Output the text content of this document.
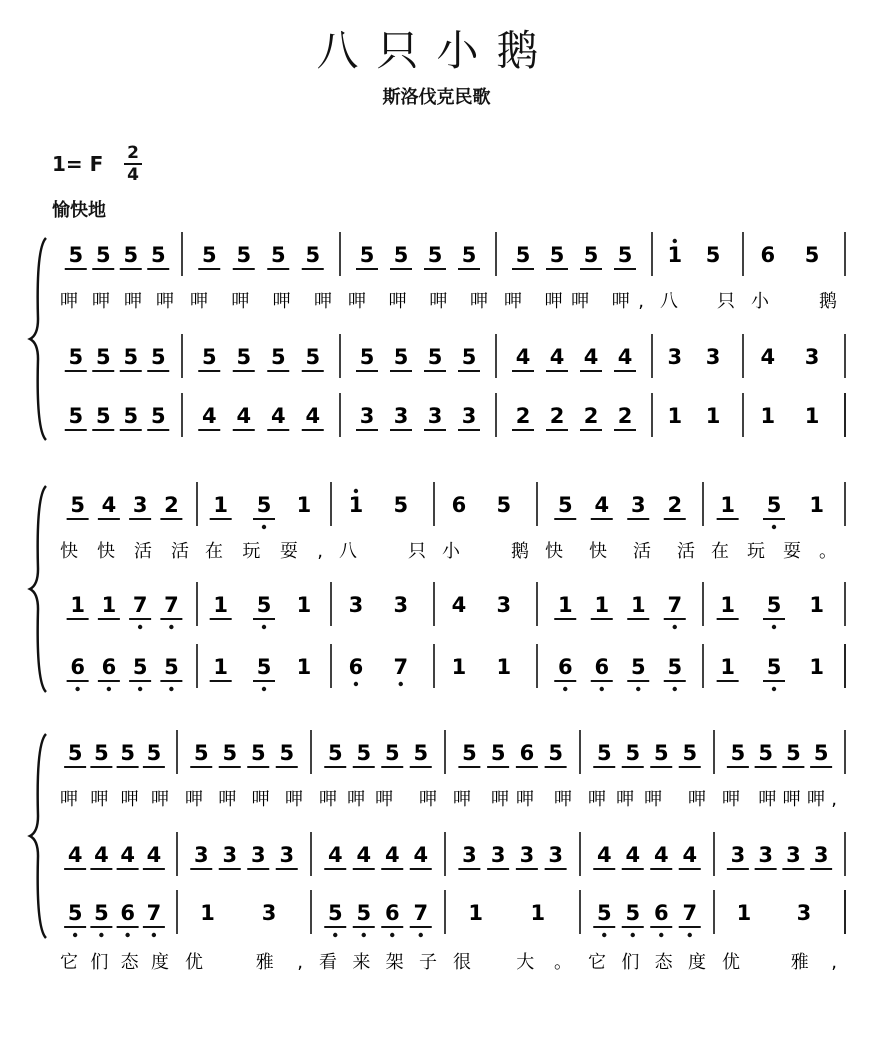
八只小鹅
斯洛伐克民歌
1= F 2
4
愉快地
5 5 5 5 5 5 5 5 5 5 5 5 5 5 5 5 1 5 6 5
呷呷呷呷 呷呷呷呷 呷呷呷呷 呷 呷呷 呷, 八只 小鹅
5 5 5 5 5 5 5 5 5 5 5 5 4 4 4 4 3 3 4 3
5 5 5 5 4 4 4 4 3 3 3 3 2 2 2 2 1 1 1 1
5 4 3 2 1 5 1 1 5 6 5 5 4 3 2 1 5 1
快快活活 在玩耍, 八只 小鹅 快快活活 在玩耍。
1 1 7 7 1 5 1 3 3 4 3 1 1 1 7 1 5 1
6 6 5 5 1 5 1 6 7 1 1 6 6 5 5 1 5 1
5 5 5 5 5 5 5 5 5 5 5 5 5 5 6 5 5 5 5 5 5 5 5 5
呷呷呷呷 呷呷呷呷 呷呷呷 呷 呷 呷呷 呷 呷呷呷 呷 呷 呷呷呷,
4 4 4 4 3 3 3 3 4 4 4 4 3 3 3 3 4 4 4 4 3 3 3 3
5 5 6 7 1 3 5 5 6 7 1 1 5 5 6 7 1 3
它们态度 优 雅, 看来架子 很 大。 它们态度 优 雅,
